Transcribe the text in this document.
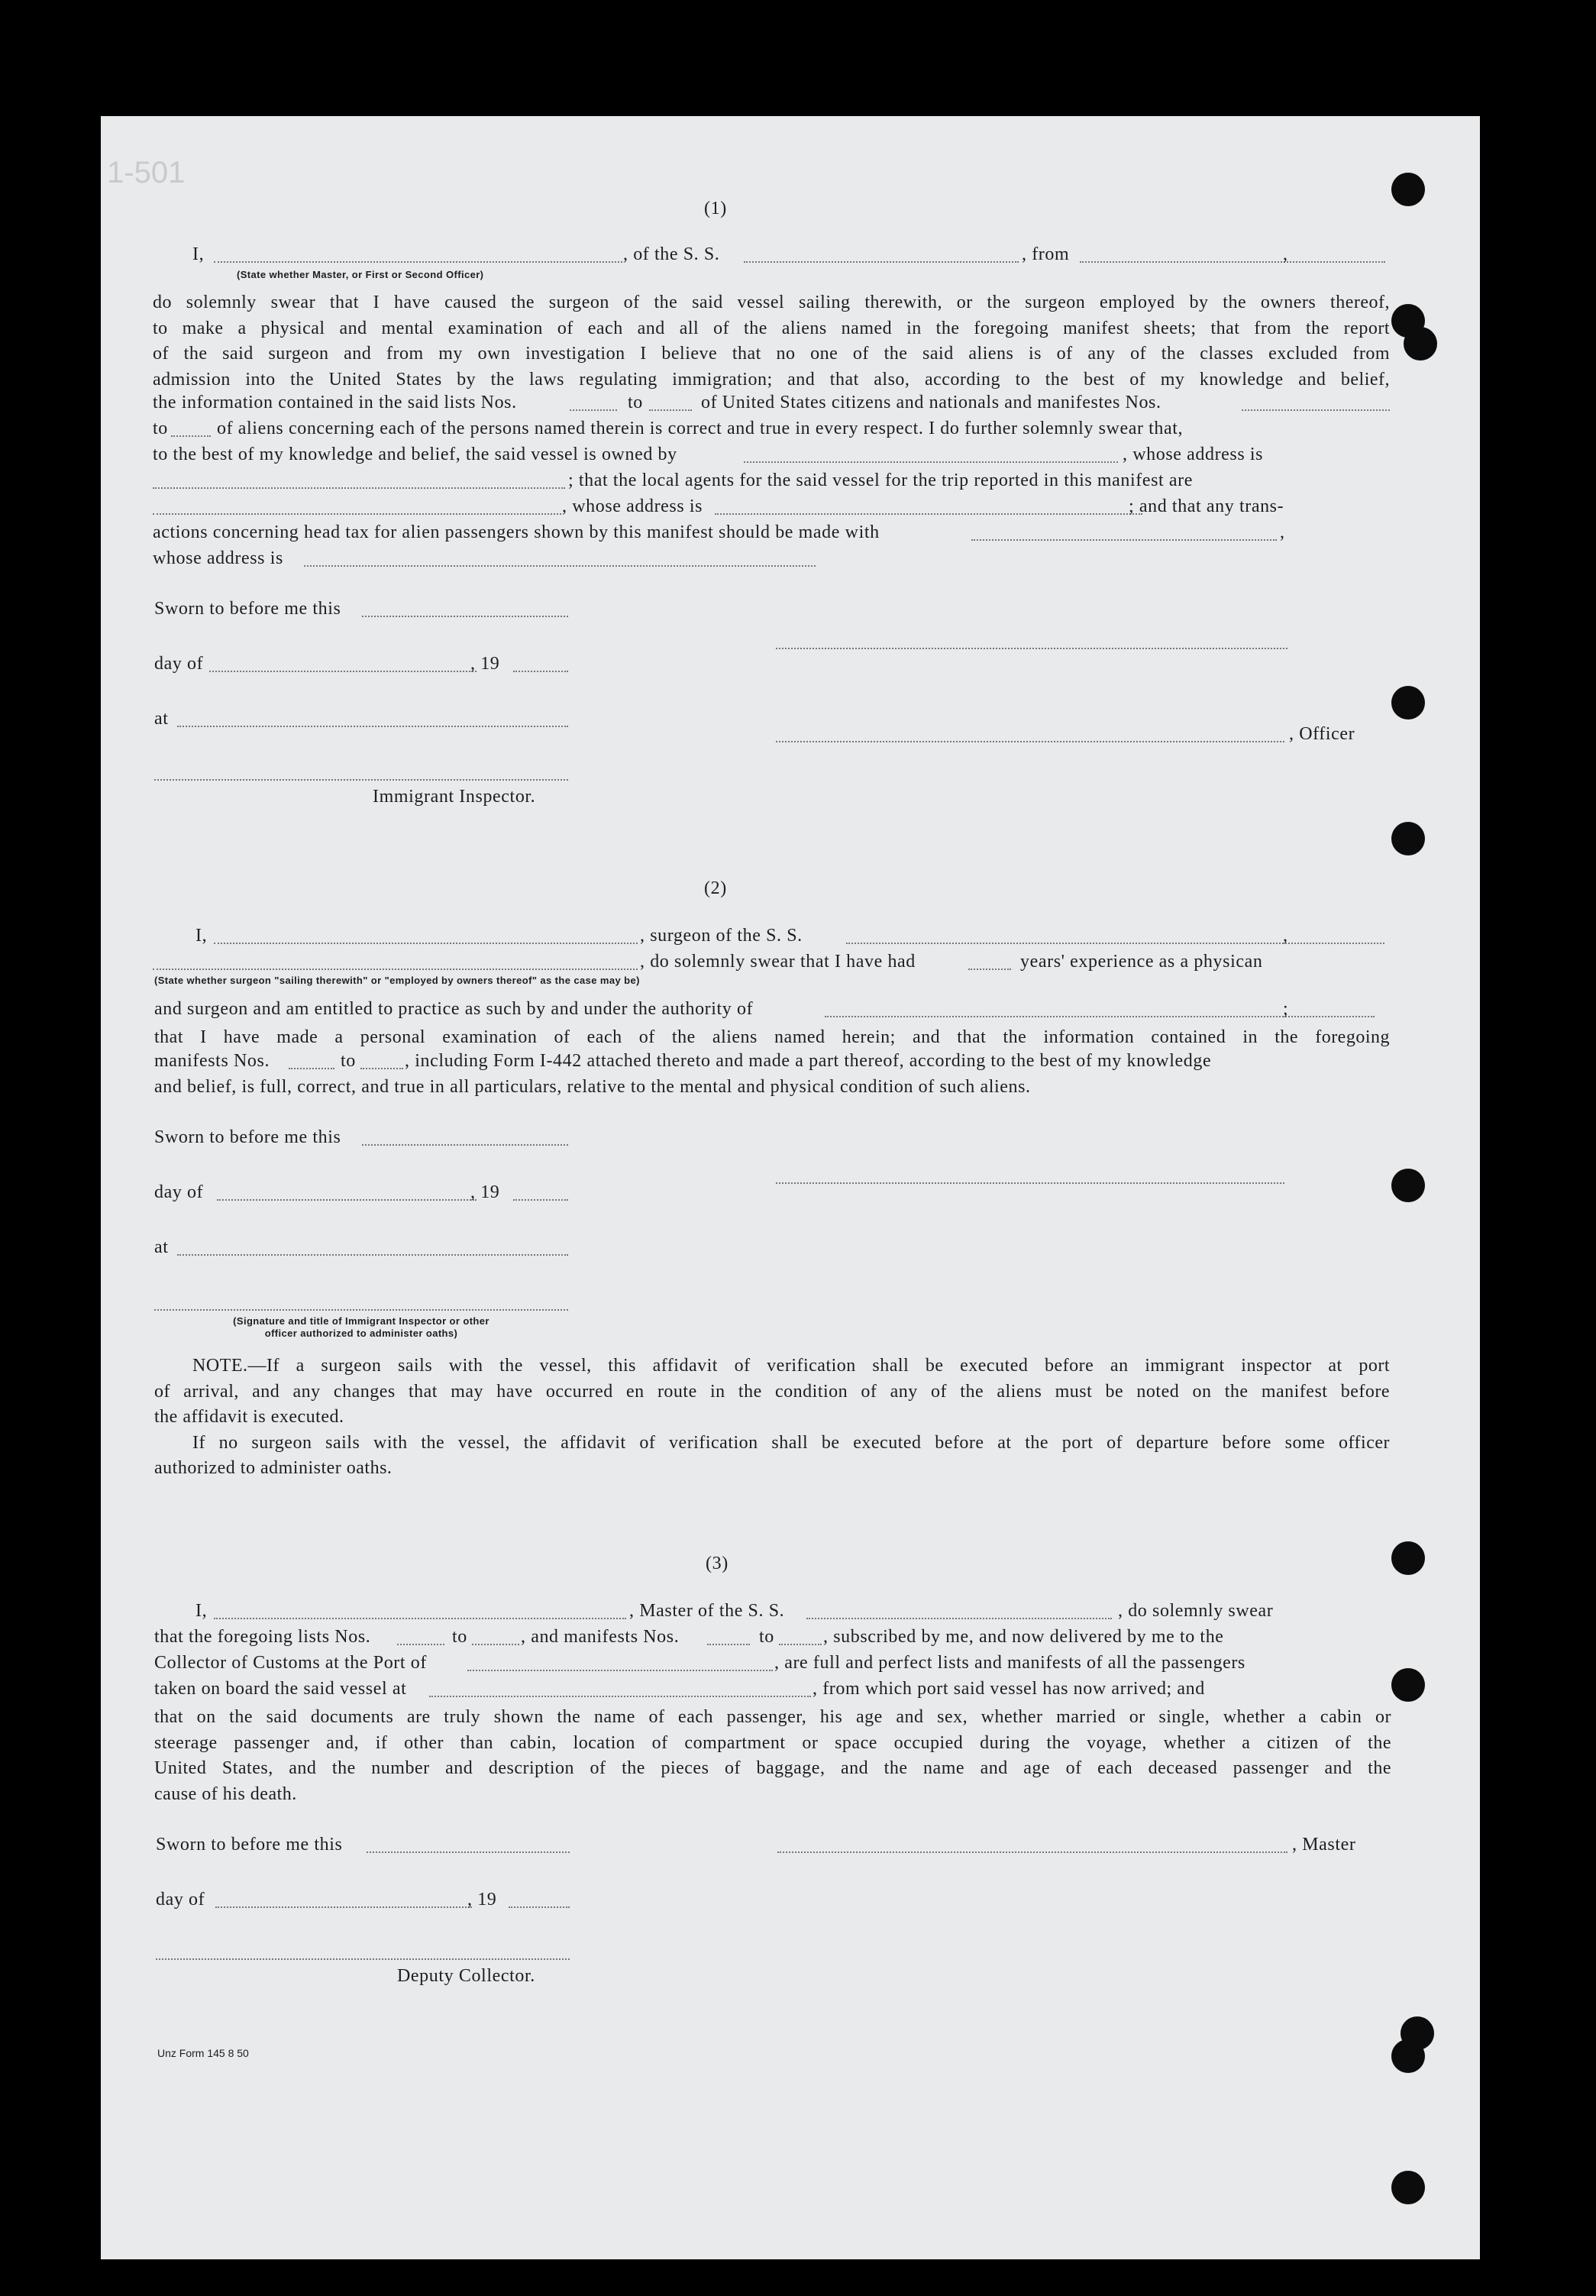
1-501
(1)
I,	, of the S. S.	, from	,
(State whether Master, or First or Second Officer)

do solemnly swear that I have caused the surgeon of the said vessel sailing therewith, or the surgeon employed by the owners thereof,

to make a physical and mental examination of each and all of the aliens named in the foregoing manifest sheets; that from the report

of the said surgeon and from my own investigation I believe that no one of the said aliens is of any of the classes excluded from

admission into the United States by the laws regulating immigration; and that also, according to the best of my knowledge and belief,

the information contained in the said lists Nos.	to	of United States citizens and nationals and manifestes Nos.
to	of aliens concerning each of the persons named therein is correct and true in every respect. I do further solemnly swear that,
to the best of my knowledge and belief, the said vessel is owned by	, whose address is
; that the local agents for the said vessel for the trip reported in this manifest are
, whose address is	; and that any trans-
actions concerning head tax for alien passengers shown by this manifest should be made with	,
whose address is
Sworn to before me this
day of	, 19
at
, Officer
Immigrant Inspector.
(2)
I,	, surgeon of the S. S.	,
, do solemnly swear that I have had	years' experience as a physican
(State whether surgeon "sailing therewith" or "employed by owners thereof" as the case may be)
and surgeon and am entitled to practice as such by and under the authority of	;

that I have made a personal examination of each of the aliens named herein; and that the information contained in the foregoing

manifests Nos.	to	, including Form I-442 attached thereto and made a part thereof, according to the best of my knowledge
and belief, is full, correct, and true in all particulars, relative to the mental and physical condition of such aliens.
Sworn to before me this
day of	, 19
at
(Signature and title of Immigrant Inspector or other
officer authorized to administer oaths)

NOTE.—If a surgeon sails with the vessel, this affidavit of verification shall be executed before an immigrant inspector at port

of arrival, and any changes that may have occurred en route in the condition of any of the aliens must be noted on the manifest before

the affidavit is executed.

If no surgeon sails with the vessel, the affidavit of verification shall be executed before at the port of departure before some officer

authorized to administer oaths.

(3)
I,	, Master of the S. S.	, do solemnly swear
that the foregoing lists Nos.	to	, and manifests Nos.	to	, subscribed by me, and now delivered by me to the
Collector of Customs at the Port of	, are full and perfect lists and manifests of all the passengers
taken on board the said vessel at	, from which port said vessel has now arrived; and

that on the said documents are truly shown the name of each passenger, his age and sex, whether married or single, whether a cabin or

steerage passenger and, if other than cabin, location of compartment or space occupied during the voyage, whether a citizen of the

United States, and the number and description of the pieces of baggage, and the name and age of each deceased passenger and the

cause of his death.

Sworn to before me this	, Master
day of	, 19
Deputy Collector.
Unz Form 145 8 50
